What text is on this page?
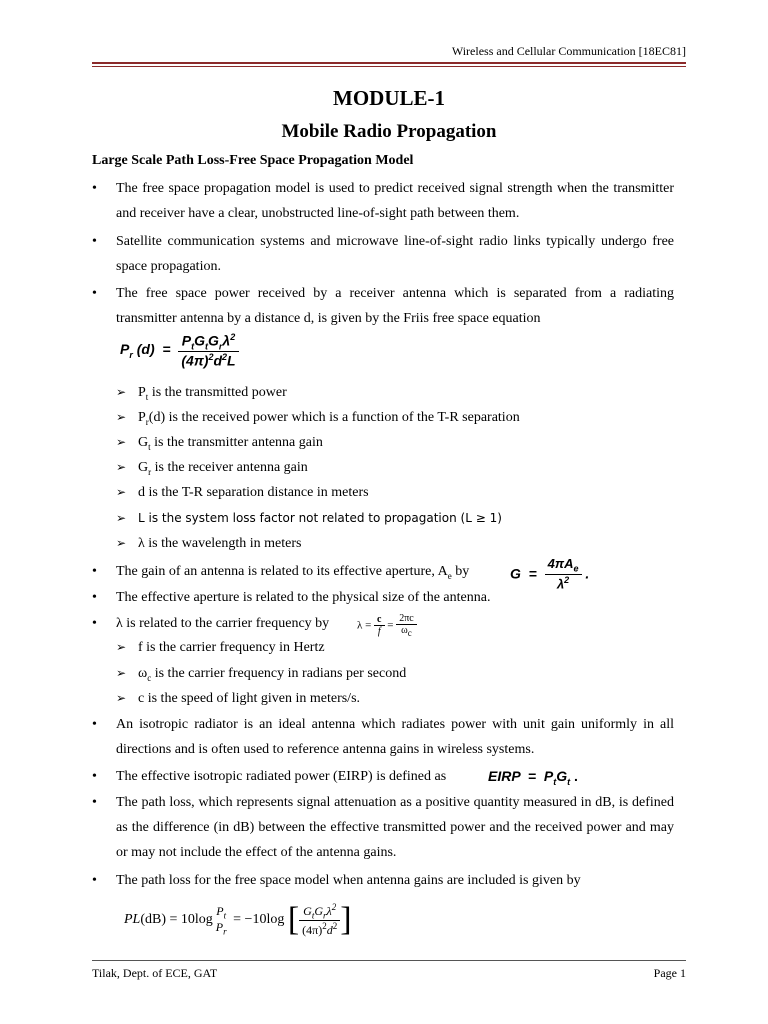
Wireless and Cellular Communication [18EC81]
MODULE-1
Mobile Radio Propagation
Large Scale Path Loss-Free Space Propagation Model
• The free space propagation model is used to predict received signal strength when the transmitter and receiver have a clear, unobstructed line-of-sight path between them.
• Satellite communication systems and microwave line-of-sight radio links typically undergo free space propagation.
• The free space power received by a receiver antenna which is separated from a radiating transmitter antenna by a distance d, is given by the Friis free space equation
$P_r$ $(d) = \frac{P_tG_tG_r\lambda^2}{(4\pi)^2d^2L}$
➢ $P_t$ is the transmitted power
➢ $P_r(d)$ is the received power which is a function of the T-R separation
➢ $G_t$ is the transmitter antenna gain
➢ $G_r$ is the receiver antenna gain
➢ d is the T-R separation distance in meters
➢ L is the system loss factor not related to propagation (L ≥ 1)
➢ λ is the wavelength in meters
• The gain of an antenna is related to its effective aperture, $A_e$ by	$G = \frac{4\pi A_e}{\lambda^2}$ .
• The effective aperture is related to the physical size of the antenna.
• λ is related to the carrier frequency by	$\lambda = \frac{c}{f} = \frac{2\pi c}{\omega_c}$
➢ f is the carrier frequency in Hertz
➢ $\omega_c$ is the carrier frequency in radians per second
➢ c is the speed of light given in meters/s.
• An isotropic radiator is an ideal antenna which radiates power with unit gain uniformly in all directions and is often used to reference antenna gains in wireless systems.
• The effective isotropic radiated power (EIRP) is defined as	EIRP  =  $P_tG_t$ .
• The path loss, which represents signal attenuation as a positive quantity measured in dB, is defined as the difference (in dB) between the effective transmitted power and the received power and may or may not include the effect of the antenna gains.
• The path loss for the free space model when antenna gains are included is given by
PL(dB) = 10log
$P_t$
$P_r$
= −10log [ $\frac{G_tG_r\lambda^2}{(4\pi)^2d^2}$ ]
Tilak, Dept. of ECE, GAT	Page 1
